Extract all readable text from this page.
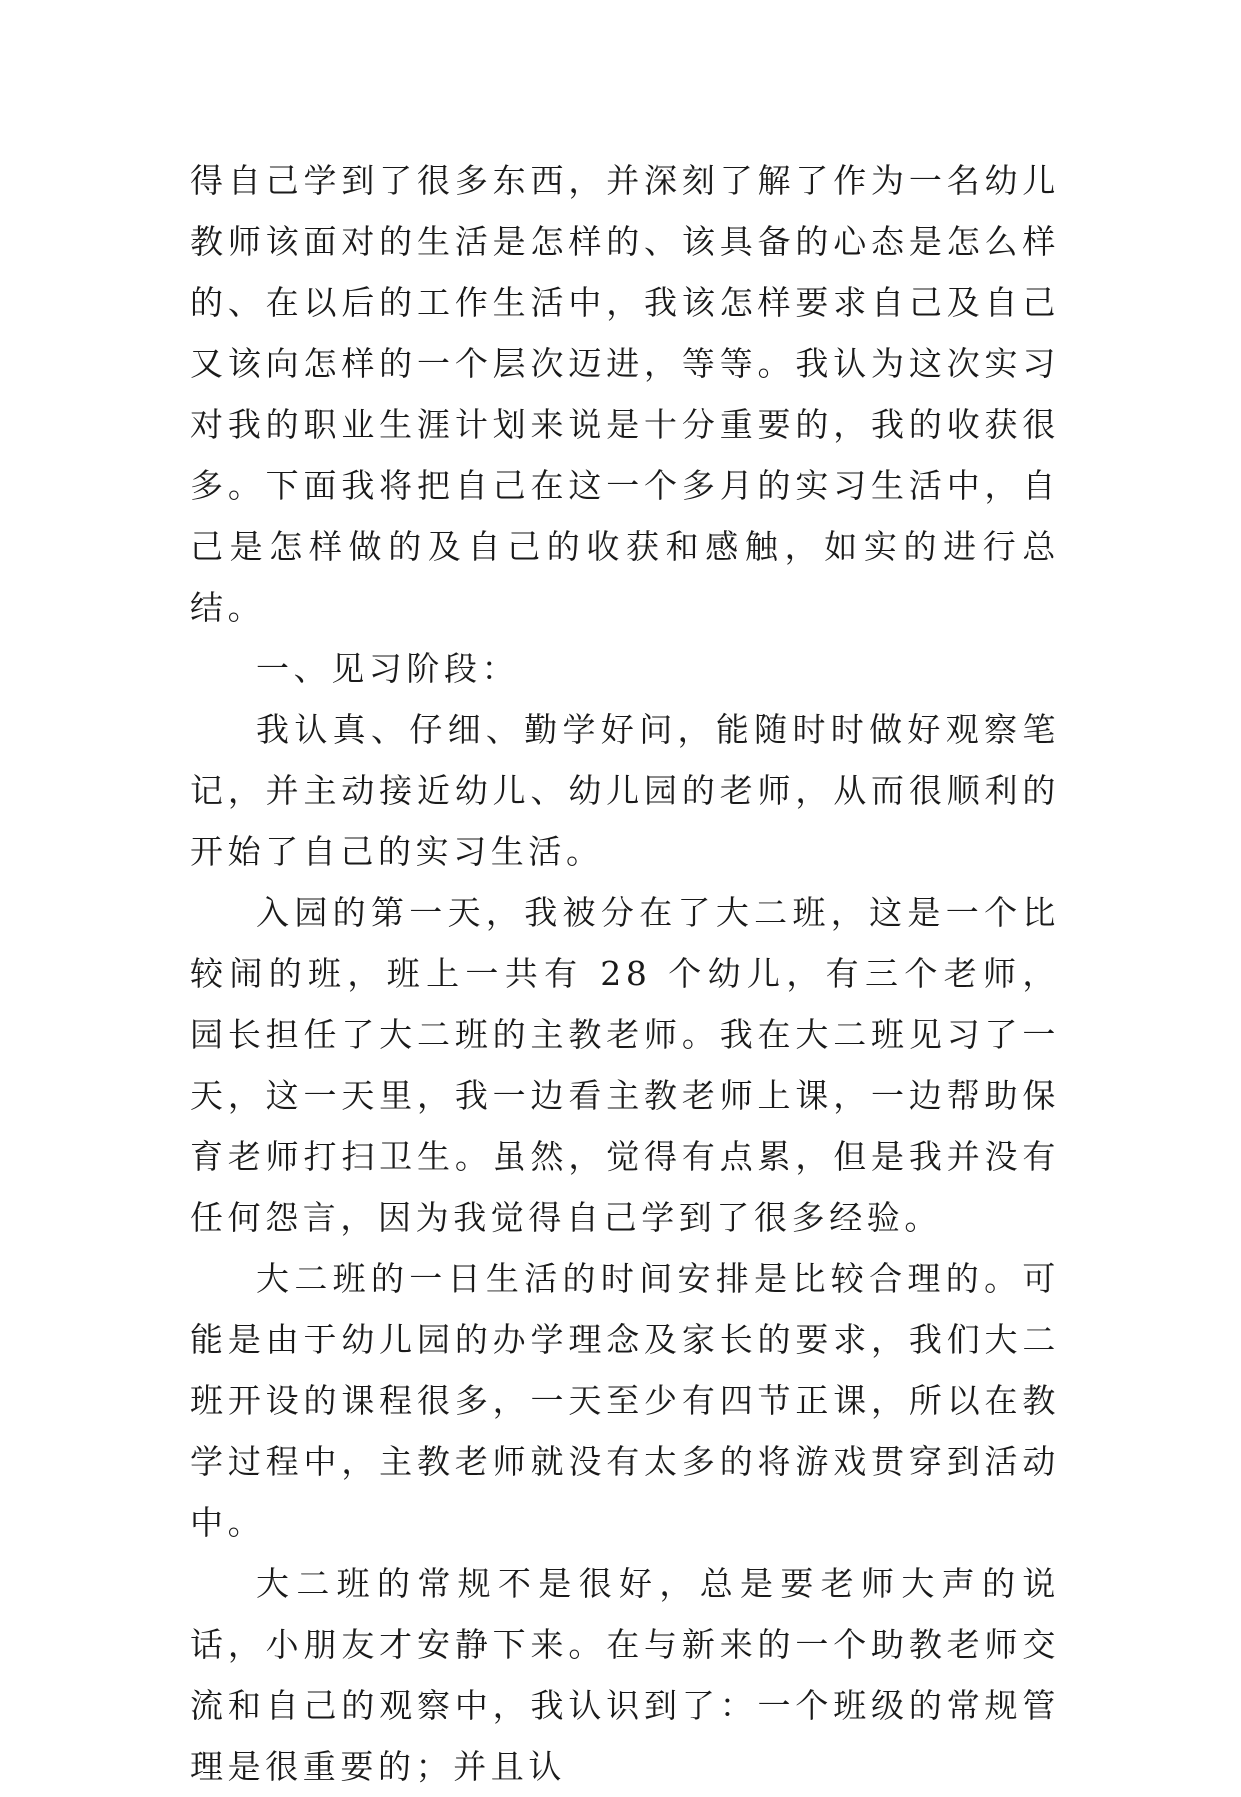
得自己学到了很多东西，并深刻了解了作为一名幼儿教师该面对的生活是怎样的、该具备的心态是怎么样的、在以后的工作生活中，我该怎样要求自己及自己又该向怎样的一个层次迈进，等等。我认为这次实习对我的职业生涯计划来说是十分重要的，我的收获很多。下面我将把自己在这一个多月的实习生活中，自己是怎样做的及自己的收获和感触，如实的进行总结。

一、见习阶段：

我认真、仔细、勤学好问，能随时时做好观察笔记，并主动接近幼儿、幼儿园的老师，从而很顺利的开始了自己的实习生活。

入园的第一天，我被分在了大二班，这是一个比较闹的班，班上一共有 28 个幼儿，有三个老师，园长担任了大二班的主教老师。我在大二班见习了一天，这一天里，我一边看主教老师上课，一边帮助保育老师打扫卫生。虽然，觉得有点累，但是我并没有任何怨言，因为我觉得自己学到了很多经验。

大二班的一日生活的时间安排是比较合理的。可能是由于幼儿园的办学理念及家长的要求，我们大二班开设的课程很多，一天至少有四节正课，所以在教学过程中，主教老师就没有太多的将游戏贯穿到活动中。

大二班的常规不是很好，总是要老师大声的说话，小朋友才安静下来。在与新来的一个助教老师交流和自己的观察中，我认识到了：一个班级的常规管理是很重要的；并且认
